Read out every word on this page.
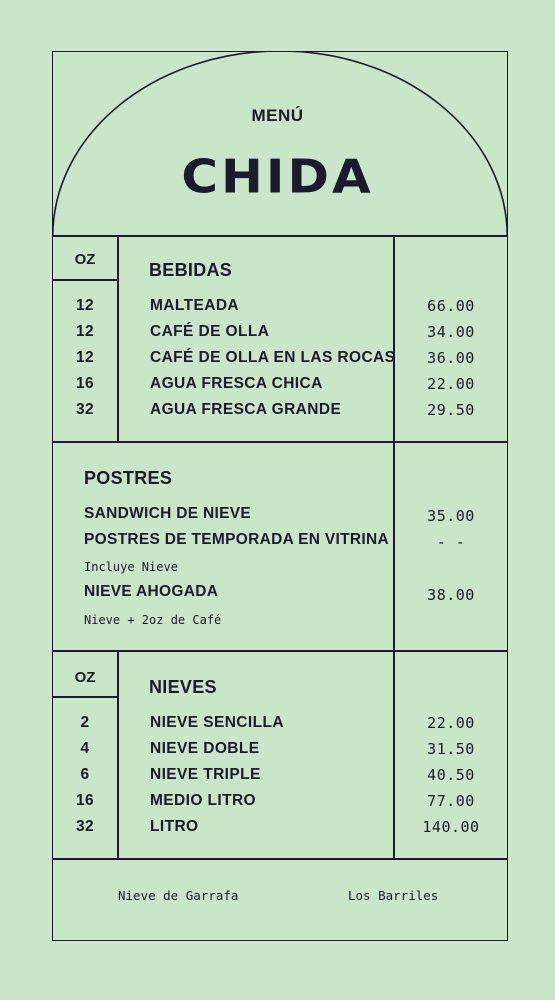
MENÚ
CHIDA
OZ
BEBIDAS
12	MALTEADA	66.00
12	CAFÉ DE OLLA	34.00
12	CAFÉ DE OLLA EN LAS ROCAS	36.00
16	AGUA FRESCA CHICA	22.00
32	AGUA FRESCA GRANDE	29.50
POSTRES
SANDWICH DE NIEVE	35.00
POSTRES DE TEMPORADA EN VITRINA	- -
Incluye Nieve
NIEVE AHOGADA	38.00
Nieve + 2oz de Café
OZ	NIEVES
2	NIEVE SENCILLA	22.00
4	NIEVE DOBLE	31.50
6	NIEVE TRIPLE	40.50
16	MEDIO LITRO	77.00
32	LITRO	140.00
Nieve de Garrafa	Los Barriles
